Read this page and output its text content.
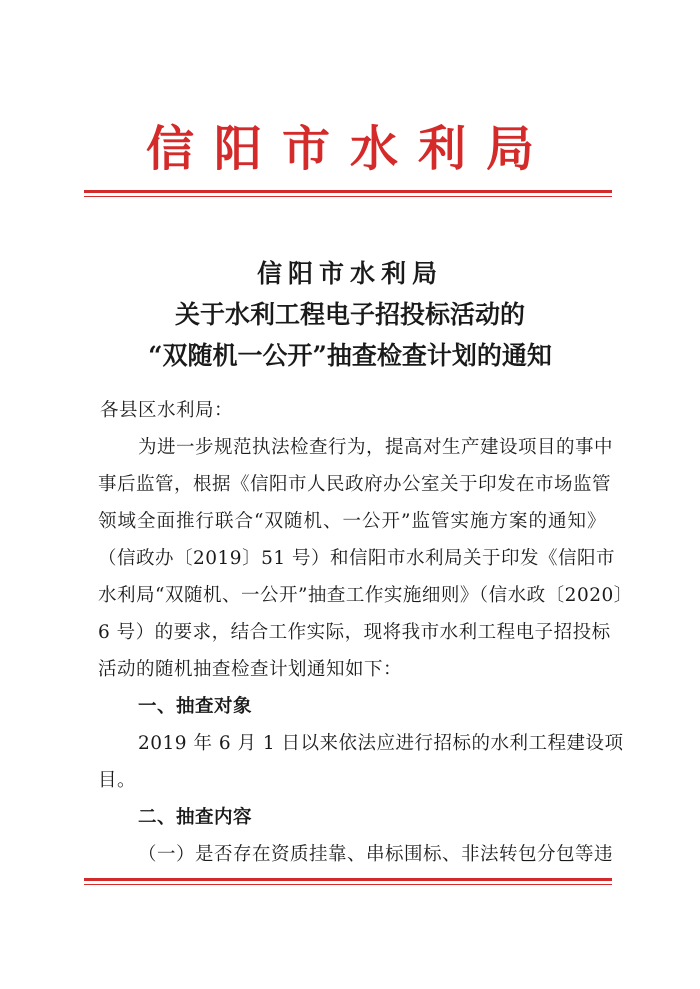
信阳市水利局
信阳市水利局
关于水利工程电子招投标活动的
“双随机一公开”抽查检查计划的通知
各县区水利局：
为进一步规范执法检查行为，提高对生产建设项目的事中
事后监管，根据《信阳市人民政府办公室关于印发在市场监管
领域全面推行联合“双随机、一公开”监管实施方案的通知》
（信政办〔2019〕51 号）和信阳市水利局关于印发《信阳市
水利局“双随机、一公开”抽查工作实施细则》（信水政〔2020〕
6 号）的要求，结合工作实际，现将我市水利工程电子招投标
活动的随机抽查检查计划通知如下：
一、抽查对象
2019 年 6 月 1 日以来依法应进行招标的水利工程建设项
目。
二、抽查内容
（一）是否存在资质挂靠、串标围标、非法转包分包等违
